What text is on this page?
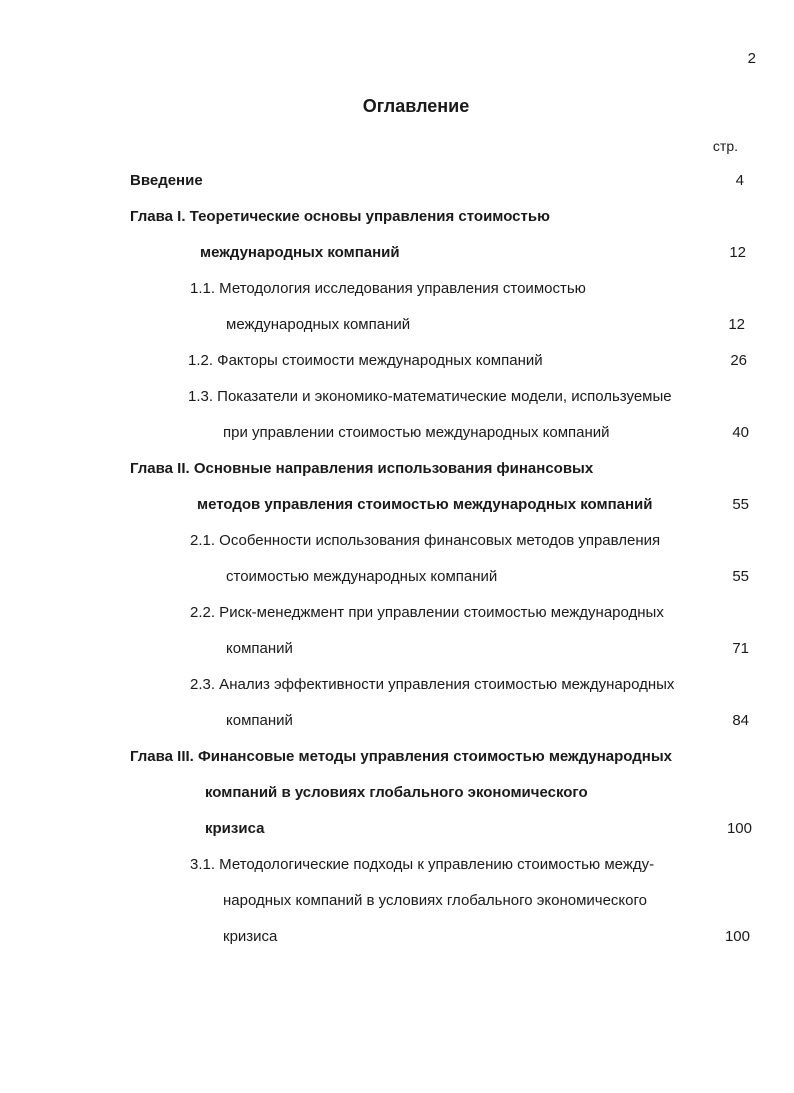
2
Оглавление
стр.
Введение	4
Глава I. Теоретические основы управления стоимостью
международных компаний	12
1.1. Методология исследования управления стоимостью
международных компаний	12
1.2. Факторы стоимости международных компаний	26
1.3. Показатели и экономико-математические модели, используемые
при управлении стоимостью международных компаний	40
Глава II. Основные направления использования финансовых
методов управления стоимостью международных компаний	55
2.1. Особенности использования финансовых методов управления
стоимостью международных компаний	55
2.2. Риск-менеджмент при управлении стоимостью международных
компаний	71
2.3. Анализ эффективности управления стоимостью международных
компаний	84
Глава III. Финансовые методы управления стоимостью международных
компаний в условиях глобального экономического
кризиса	100
3.1. Методологические подходы к управлению стоимостью между-
народных компаний в условиях глобального экономического
кризиса	100
